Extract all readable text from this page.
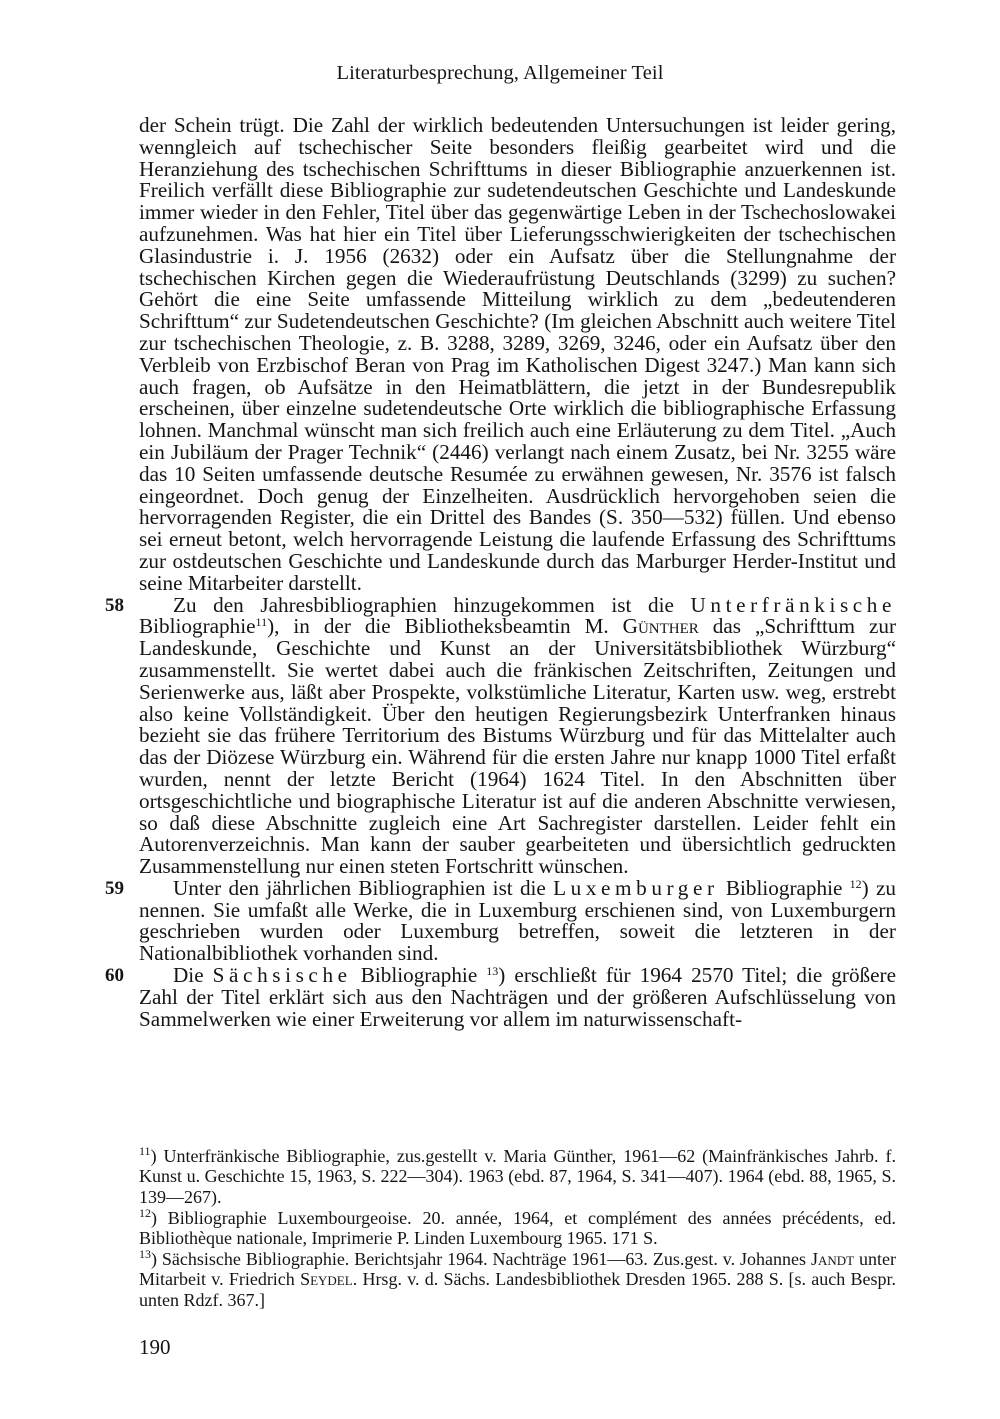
Literaturbesprechung, Allgemeiner Teil

der Schein trügt. Die Zahl der wirklich bedeutenden Untersuchungen ist leider gering, wenngleich auf tschechischer Seite besonders fleißig gearbeitet wird und die Heranziehung des tschechischen Schrifttums in dieser Bibliographie anzuerkennen ist. Freilich verfällt diese Bibliographie zur sudetendeutschen Geschichte und Landeskunde immer wieder in den Fehler, Titel über das gegenwärtige Leben in der Tschechoslowakei aufzunehmen. Was hat hier ein Titel über Lieferungsschwierigkeiten der tschechischen Glasindustrie i. J. 1956 (2632) oder ein Aufsatz über die Stellungnahme der tschechischen Kirchen gegen die Wiederaufrüstung Deutschlands (3299) zu suchen? Gehört die eine Seite umfassende Mitteilung wirklich zu dem „bedeutenderen Schrifttum“ zur Sudetendeutschen Geschichte? (Im gleichen Abschnitt auch weitere Titel zur tschechischen Theologie, z. B. 3288, 3289, 3269, 3246, oder ein Aufsatz über den Verbleib von Erzbischof Beran von Prag im Katholischen Digest 3247.) Man kann sich auch fragen, ob Aufsätze in den Heimatblättern, die jetzt in der Bundesrepublik erscheinen, über einzelne sudetendeutsche Orte wirklich die bibliographische Erfassung lohnen. Manchmal wünscht man sich freilich auch eine Erläuterung zu dem Titel. „Auch ein Jubiläum der Prager Technik“ (2446) verlangt nach einem Zusatz, bei Nr. 3255 wäre das 10 Seiten umfassende deutsche Resumée zu erwähnen gewesen, Nr. 3576 ist falsch eingeordnet. Doch genug der Einzelheiten. Ausdrücklich hervorgehoben seien die hervorragenden Register, die ein Drittel des Bandes (S. 350—532) füllen. Und ebenso sei erneut betont, welch hervorragende Leistung die laufende Erfassung des Schrifttums zur ostdeutschen Geschichte und Landeskunde durch das Marburger Herder-Institut und seine Mitarbeiter darstellt.

58 Zu den Jahresbibliographien hinzugekommen ist die Unterfränkische Bibliographie$^{11}$), in der die Bibliotheksbeamtin M. Günther das „Schrifttum zur Landeskunde, Geschichte und Kunst an der Universitätsbibliothek Würzburg“ zusammenstellt. Sie wertet dabei auch die fränkischen Zeitschriften, Zeitungen und Serienwerke aus, läßt aber Prospekte, volkstümliche Literatur, Karten usw. weg, erstrebt also keine Vollständigkeit. Über den heutigen Regierungsbezirk Unterfranken hinaus bezieht sie das frühere Territorium des Bistums Würzburg und für das Mittelalter auch das der Diözese Würzburg ein. Während für die ersten Jahre nur knapp 1000 Titel erfaßt wurden, nennt der letzte Bericht (1964) 1624 Titel. In den Abschnitten über ortsgeschichtliche und biographische Literatur ist auf die anderen Abschnitte verwiesen, so daß diese Abschnitte zugleich eine Art Sachregister darstellen. Leider fehlt ein Autorenverzeichnis. Man kann der sauber gearbeiteten und übersichtlich gedruckten Zusammenstellung nur einen steten Fortschritt wünschen.

59 Unter den jährlichen Bibliographien ist die Luxemburger Bibliographie $^{12}$) zu nennen. Sie umfaßt alle Werke, die in Luxemburg erschienen sind, von Luxemburgern geschrieben wurden oder Luxemburg betreffen, soweit die letzteren in der Nationalbibliothek vorhanden sind.

60 Die Sächsische Bibliographie $^{13}$) erschließt für 1964 2570 Titel; die größere Zahl der Titel erklärt sich aus den Nachträgen und der größeren Aufschlüsselung von Sammelwerken wie einer Erweiterung vor allem im naturwissenschaft-

$^{11}$) Unterfränkische Bibliographie, zus.gestellt v. Maria Günther, 1961—62 (Mainfränkisches Jahrb. f. Kunst u. Geschichte 15, 1963, S. 222—304). 1963 (ebd. 87, 1964, S. 341—407). 1964 (ebd. 88, 1965, S. 139—267).

$^{12}$) Bibliographie Luxembourgeoise. 20. année, 1964, et complément des années précédents, ed. Bibliothèque nationale, Imprimerie P. Linden Luxembourg 1965. 171 S.

$^{13}$) Sächsische Bibliographie. Berichtsjahr 1964. Nachträge 1961—63. Zus.gest. v. Johannes Jandt unter Mitarbeit v. Friedrich Seydel. Hrsg. v. d. Sächs. Landesbibliothek Dresden 1965. 288 S. [s. auch Bespr. unten Rdzf. 367.]

190
